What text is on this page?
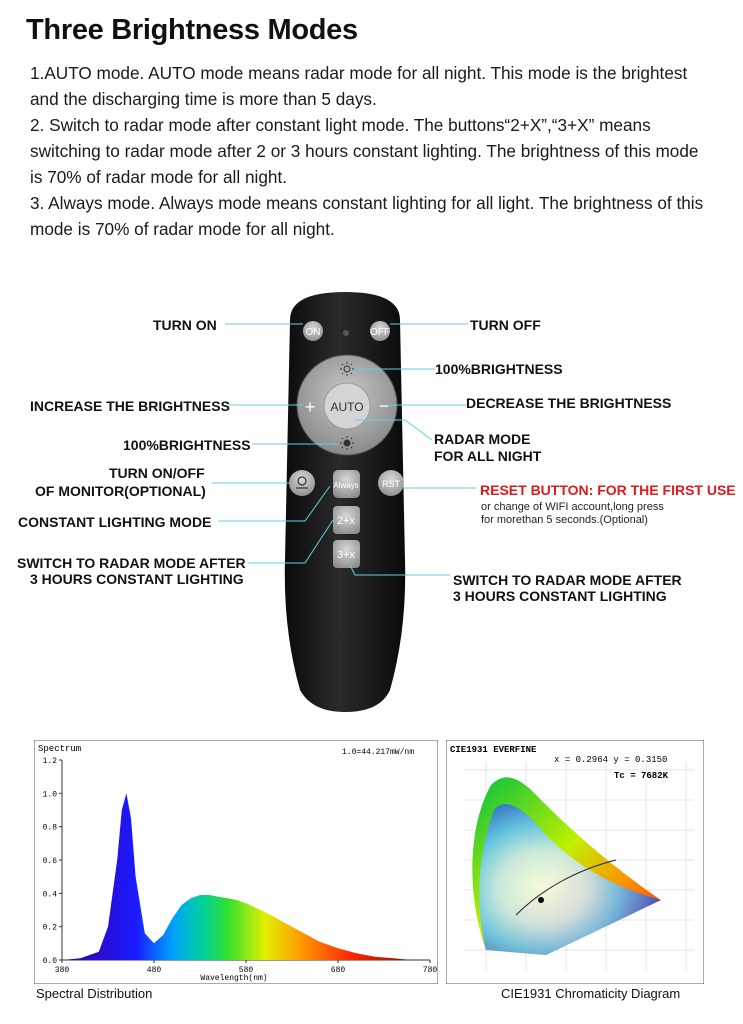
Three Brightness Modes
1.AUTO mode. AUTO mode means radar mode for all night. This mode is the brightest and the discharging time is more than 5 days.
2. Switch to radar mode after constant light mode. The buttons“2+X”,“3+X” means switching to radar mode after 2 or 3 hours constant lighting. The brightness of this mode is 70% of radar mode for all night.
3. Always mode. Always mode means constant lighting for all light. The brightness of this mode is 70% of radar mode for all night.
ON	OFF
AUTO
+	−
Always	RST
2+x
3+x
TURN ON	TURN OFF
100%BRIGHTNESS
INCREASE THE BRIGHTNESS	DECREASE THE BRIGHTNESS
100%BRIGHTNESS	RADAR MODE
FOR ALL NIGHT
TURN ON/OFF
OF MONITOR(OPTIONAL)	RESET BUTTON: FOR THE FIRST USE
or change of WIFI account,long press
for morethan 5 seconds.(Optional)
CONSTANT LIGHTING MODE
SWITCH TO RADAR MODE AFTER
3 HOURS CONSTANT LIGHTING	SWITCH TO RADAR MODE AFTER
3 HOURS CONSTANT LIGHTING
Spectrum	1.0=44.217mW/nm
0.0
0.2
0.4
0.6
0.8
1.0
1.2
380	480	580	680	780
Wavelength(nm)
Spectral Distribution
CIE1931 EVERFINE
x = 0.2964 y = 0.3150
Tc = 7682K
CIE1931 Chromaticity Diagram
